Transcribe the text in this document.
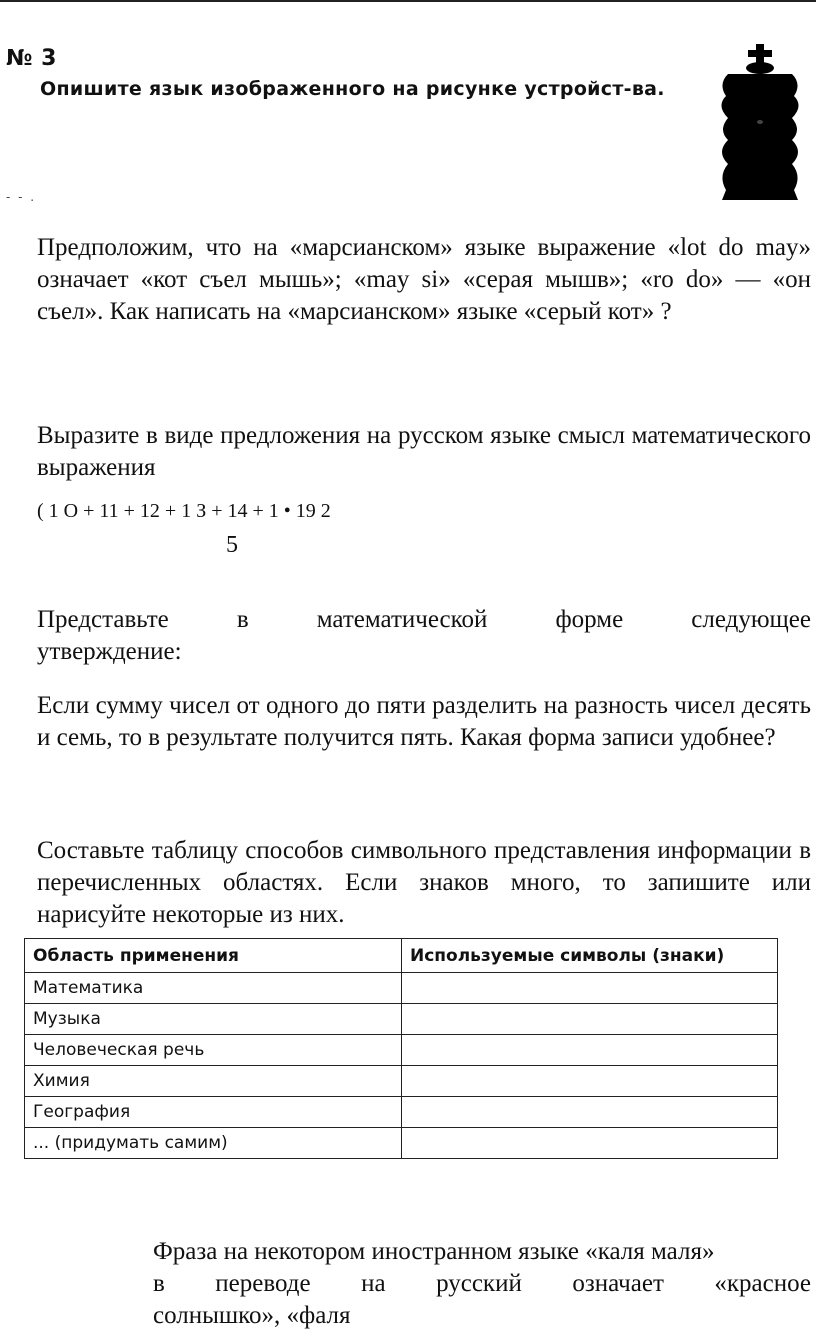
№ 3
Опишите язык изображенного на рисунке устройст-ва.
- - .
Предположим, что на «марсианском» языке выражение «lot do may» означает «кот съел мышь»; «may si» «серая мышв»; «ro do» — «он съел». Как написать на «марсианском» языке «серый кот» ?
Выразите в виде предложения на русском языке смысл математического выражения
( 1 О + 11 + 12 + 1 З + 14 + 1 • 19 2
5
Представьте	в	математической	форме	следующее
утверждение:
Если сумму чисел от одного до пяти разделить на разность чисел десять и семь, то в результате получится пять. Какая форма записи удобнее?
Составьте таблицу способов символьного представления информации в перечисленных областях. Если знаков много, то запишите или нарисуйте некоторые из них.
Область применения	Используемые символы (знаки)
Математика	
Музыка	
Человеческая речь	
Химия	
География	
... (придумать самим)	
Фраза на некотором иностранном языке «каля маля»
в переводе на русский означает «красное
солнышко», «фаля
